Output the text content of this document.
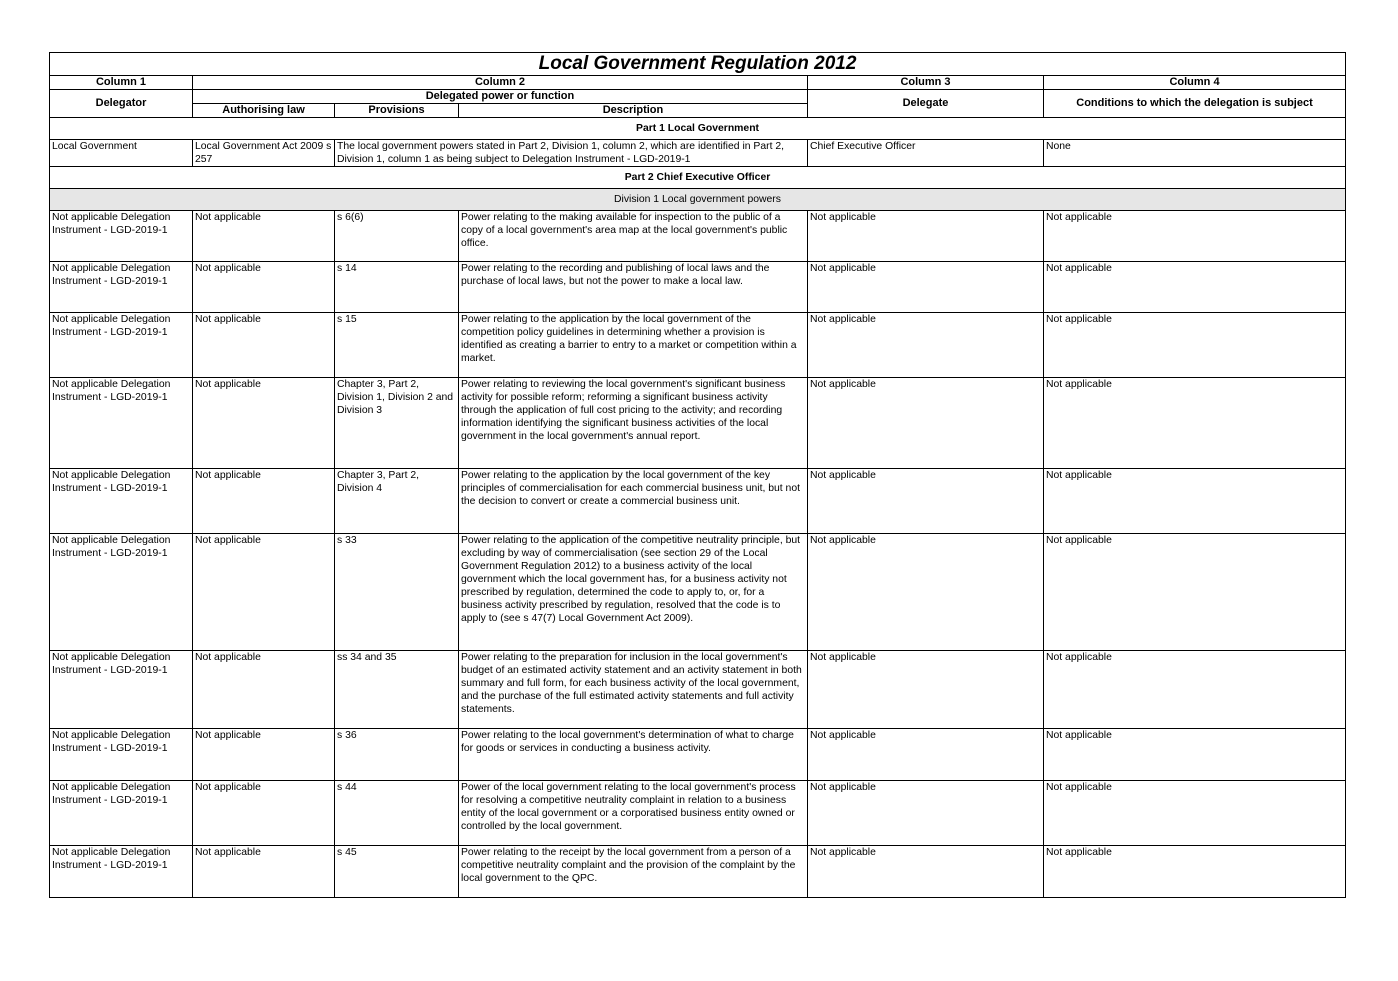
Local Government Regulation 2012					
Column 1	Column 2			Column 3	Column 4
Delegator	Delegated power or function			Delegate	Conditions to which the delegation is subject
	Authorising law	Provisions	Description		
Part 1 Local Government					
Local Government	Local Government Act 2009 s 257	The local government powers stated in Part 2, Division 1, column 2, which are identified in Part 2, Division 1, column 1 as being subject to Delegation Instrument - LGD-2019-1		Chief Executive Officer	None
Part 2 Chief Executive Officer					
Division 1 Local government powers					
Not applicable Delegation Instrument - LGD-2019-1	Not applicable	s 6(6)	Power relating to the making available for inspection to the public of a copy of a local government's area map at the local government's public office.	Not applicable	Not applicable
Not applicable Delegation Instrument - LGD-2019-1	Not applicable	s 14	Power relating to the recording and publishing of local laws and the purchase of local laws, but not the power to make a local law.	Not applicable	Not applicable
Not applicable Delegation Instrument - LGD-2019-1	Not applicable	s 15	Power relating to the application by the local government of the competition policy guidelines in determining whether a provision is identified as creating a barrier to entry to a market or competition within a market.	Not applicable	Not applicable
Not applicable Delegation Instrument - LGD-2019-1	Not applicable	Chapter 3, Part 2, Division 1, Division 2 and Division 3	Power relating to reviewing the local government's significant business activity for possible reform; reforming a significant business activity through the application of full cost pricing to the activity; and recording information identifying the significant business activities of the local government in the local government's annual report.	Not applicable	Not applicable
Not applicable Delegation Instrument - LGD-2019-1	Not applicable	Chapter 3, Part 2, Division 4	Power relating to the application by the local government of the key principles of commercialisation for each commercial business unit, but not the decision to convert or create a commercial business unit.	Not applicable	Not applicable
Not applicable Delegation Instrument - LGD-2019-1	Not applicable	s 33	Power relating to the application of the competitive neutrality principle, but excluding by way of commercialisation (see section 29 of the Local Government Regulation 2012) to a business activity of the local government which the local government has, for a business activity not prescribed by regulation, determined the code to apply to, or, for a business activity prescribed by regulation, resolved that the code is to apply to (see s 47(7) Local Government Act 2009).	Not applicable	Not applicable
Not applicable Delegation Instrument - LGD-2019-1	Not applicable	ss 34 and 35	Power relating to the preparation for inclusion in the local government's budget of an estimated activity statement and an activity statement in both summary and full form, for each business activity of the local government, and the purchase of the full estimated activity statements and full activity statements.	Not applicable	Not applicable
Not applicable Delegation Instrument - LGD-2019-1	Not applicable	s 36	Power relating to the local government's determination of what to charge for goods or services in conducting a business activity.	Not applicable	Not applicable
Not applicable Delegation Instrument - LGD-2019-1	Not applicable	s 44	Power of the local government relating to the local government's process for resolving a competitive neutrality complaint in relation to a business entity of the local government or a corporatised business entity owned or controlled by the local government.	Not applicable	Not applicable
Not applicable Delegation Instrument - LGD-2019-1	Not applicable	s 45	Power relating to the receipt by the local government from a person of a competitive neutrality complaint and the provision of the complaint by the local government to the QPC.	Not applicable	Not applicable
